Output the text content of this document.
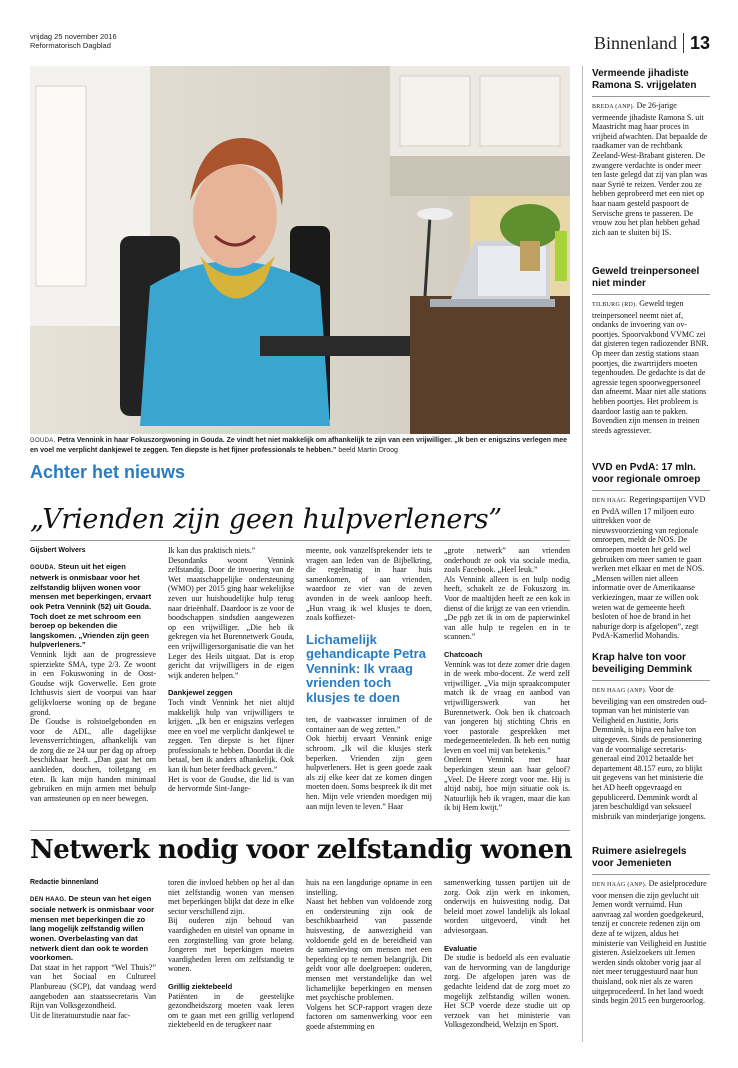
vrijdag 25 november 2016
Reformatorisch Dagblad	Binnenland 13
GOUDA. Petra Vennink in haar Fokuszorgwoning in Gouda. Ze vindt het niet makkelijk om afhankelijk te zijn van een vrijwilliger. „Ik ben er enigszins verlegen mee en voel me verplicht dankjewel te zeggen. Ten diepste is het fijner professionals te hebben.” beeld Martin Droog
Achter het nieuws
„Vrienden zijn geen hulpverleners”
Gijsbert Wolvers

GOUDA. Steun uit het eigen netwerk is onmisbaar voor het zelfstandig blijven wonen voor mensen met beperkingen, ervaart ook Petra Vennink (52) uit Gouda. Toch doet ze met schroom een beroep op bekenden die langskomen. „Vrienden zijn geen hulpverleners.”

Vennink lijdt aan de progressieve spierziekte SMA, type 2/3. Ze woont in een Fokuswoning in de Oost-Goudse wijk Goverwelle. Een grote Ichthusvis siert de voorpui van haar gelijkvloerse woning op de begane grond.

De Goudse is rolstoelgebonden en voor de ADL, alle dagelijkse levensverrichtingen, afhankelijk van de zorg die ze 24 uur per dag op afroep beschikbaar heeft. „Dan gaat het om aankleden, douchen, toiletgang en eten. Ik kan mijn handen minimaal gebruiken en mijn armen met behulp van armsteunen op en neer bewegen.

Ik kan dus praktisch niets.”

Desondanks woont Vennink zelfstandig. Door de invoering van de Wet maatschappelijke ondersteuning (WMO) per 2015 ging haar wekelijkse zeven uur huishoudelijke hulp terug naar drieënhalf. Daardoor is ze voor de boodschappen sindsdien aangewezen op een vrijwilliger. „Die heb ik gekregen via het Burennetwerk Gouda, een vrijwilligersorganisatie die van het Leger des Heils uitgaat. Dat is erop gericht dat vrijwilligers in de eigen wijk anderen helpen.”

Dankjewel zeggen

Toch vindt Vennink het niet altijd makkelijk hulp van vrijwilligers te krijgen. „Ik ben er enigszins verlegen mee en voel me verplicht dankjewel te zeggen. Ten diepste is het fijner professionals te hebben. Doordat ik die betaal, ben ik anders afhankelijk. Ook kan ik hun beter feedback geven.”

Het is voor de Goudse, die lid is van de hervormde Sint-Jange-

meente, ook vanzelfsprekender iets te vragen aan leden van de Bijbelkring, die regelmatig in haar huis samenkomen, of aan vrienden, waardoor ze vier van de zeven avonden in de week aanloop heeft. „Hun vraag ik wel klusjes te doen, zoals koffiezet-

Lichamelijk gehandicapte Petra Vennink: Ik vraag vrienden toch klusjes te doen

ten, de vaatwasser inruimen of de container aan de weg zetten.”

Ook hierbij ervaart Vennink enige schroom. „Ik wil die klusjes sterk beperken. Vrienden zijn geen hulpverleners. Het is geen goede zaak als zij elke keer dat ze komen dingen moeten doen. Soms bespreek ik dit met hen. Mijn vele vrienden moedigen mij aan mijn leven te leven.” Haar

„grote netwerk” aan vrienden onderhoudt ze ook via sociale media, zoals Facebook. „Heel leuk.”

Als Vennink alleen is en hulp nodig heeft, schakelt ze de Fokuszorg in. Voor de maaltijden heeft ze een kok in dienst of die krijgt ze van een vriendin. „De pgb zet ik in om de papierwinkel van alle hulp te regelen en in te scannen.”

Chatcoach

Vennink was tot deze zomer drie dagen in de week mbo-docent. Ze werd zelf vrijwilliger. „Via mijn spraakcomputer match ik de vraag en aanbod van vrijwilligerswerk van het Burennetwerk. Ook ben ik chatcoach van jongeren bij stichting Chris en voer pastorale gesprekken met medegemeenteleden. Ik heb een nuttig leven en voel mij van betekenis.”

Ontleent Vennink met haar beperkingen steun aan haar geloof? „Veel. De Heere zorgt voor me. Hij is altijd nabij, hoe mijn situatie ook is. Natuurlijk heb ik vragen, maar die kan ik bij Hem kwijt.”

Vermeende jihadiste Ramona S. vrijgelaten
BREDA (ANP). De 26-jarige vermeende jihadiste Ramona S. uit Maastricht mag haar proces in vrijheid afwachten. Dat bepaalde de raadkamer van de rechtbank Zeeland-West-Brabant gisteren. De zwangere verdachte is onder meer ten laste gelegd dat zij van plan was naar Syrië te reizen. Verder zou ze hebben geprobeerd met een niet op haar naam gesteld paspoort de Servische grens te passeren. De vrouw zou het plan hebben gehad zich aan te sluiten bij IS.
Geweld treinpersoneel niet minder
TILBURG (RD). Geweld tegen treinpersoneel neemt niet af, ondanks de invoering van ov-poortjes. Spoorvakbond VVMC zei dat gisteren tegen radiozender BNR. Op meer dan zestig stations staan poortjes, die zwartrijders moeten tegenhouden. De gedachte is dat de agressie tegen spoorwegpersoneel dan afneemt. Maar niet alle stations hebben poortjes. Het probleem is daardoor lastig aan te pakken. Bovendien zijn mensen in treinen steeds agressiever.
VVD en PvdA: 17 mln. voor regionale omroep
DEN HAAG. Regeringspartijen VVD en PvdA willen 17 miljoen euro uittrekken voor de nieuwsvoorziening van regionale omroepen, meldt de NOS. De omroepen moeten het geld wel gebruiken om meer samen te gaan werken met elkaar en met de NOS. „Mensen willen niet alleen informatie over de Amerikaanse verkiezingen, maar ze willen ook weten wat de gemeente heeft besloten of hoe de brand in het naburige dorp is afgelopen”, zegt PvdA-Kamerlid Mohandis.
Krap halve ton voor beveiliging Demmink
DEN HAAG (ANP). Voor de beveiliging van een omstreden oud-topman van het ministerie van Veiligheid en Justitie, Joris Demmink, is bijna een halve ton uitgegeven. Sinds de pensionering van de voormalige secretaris-generaal eind 2012 betaalde het departement 48.157 euro, zo blijkt uit gegevens van het ministerie die het AD heeft opgevraagd en gepubliceerd. Demmink wordt al jaren beschuldigd van seksueel misbruik van minderjarige jongens.
Ruimere asielregels voor Jemenieten
DEN HAAG (ANP). De asielprocedure voor mensen die zijn gevlucht uit Jemen wordt verruimd. Hun aanvraag zal worden goedgekeurd, tenzij er concrete redenen zijn om deze af te wijzen, aldus het ministerie van Veiligheid en Justitie gisteren. Asielzoekers uit Jemen werden sinds oktober vorig jaar al niet meer teruggestuurd naar hun thuisland, ook niet als ze waren uitgeprocedeerd. In het land woedt sinds begin 2015 een burgeroorlog.
Netwerk nodig voor zelfstandig wonen
Redactie binnenland

DEN HAAG. De steun van het eigen sociale netwerk is onmisbaar voor mensen met beperkingen die zo lang mogelijk zelfstandig willen wonen. Overbelasting van dat netwerk dient dan ook te worden voorkomen.

Dat staat in het rapport “Wel Thuis?” van het Sociaal en Cultureel Planbureau (SCP), dat vandaag werd aangeboden aan staatssecretaris Van Rijn van Volksgezondheid.

Uit de literatuurstudie naar fac-

toren die invloed hebben op het al dan niet zelfstandig wonen van mensen met beperkingen blijkt dat deze in elke sector verschillend zijn.

Bij ouderen zijn behoud van vaardigheden en uitstel van opname in een zorginstelling van grote belang. Jongeren met beperkingen moeten vaardigheden leren om zelfstandig te wonen.

Grillig ziektebeeld

Patiënten in de geestelijke gezondheidszorg moeten vaak leren om te gaan met een grillig verlopend ziektebeeld en de terugkeer naar

huis na een langdurige opname in een instelling.

Naast het hebben van voldoende zorg en ondersteuning zijn ook de beschikbaarheid van passende huisvesting, de aanwezigheid van voldoende geld en de bereidheid van de samenleving om mensen met een beperking op te nemen belangrijk. Dit geldt voor alle doelgroepen: ouderen, mensen met verstandelijke dan wel lichamelijke beperkingen en mensen met psychische problemen.

Volgens het SCP-rapport vragen deze factoren om samenwerking voor een goede afstemming en

samenwerking tussen partijen uit de zorg. Ook zijn werk en inkomen, onderwijs en huisvesting nodig. Dat beleid moet zowel landelijk als lokaal worden uitgevoerd, vindt het adviesorgaan.

Evaluatie

De studie is bedoeld als een evaluatie van de hervorming van de langdurige zorg. De afgelopen jaren was de gedachte leidend dat de zorg moet zo mogelijk zelfstandig willen wonen. Het SCP voerde deze studie uit op verzoek van het ministerie van Volksgezondheid, Welzijn en Sport.
